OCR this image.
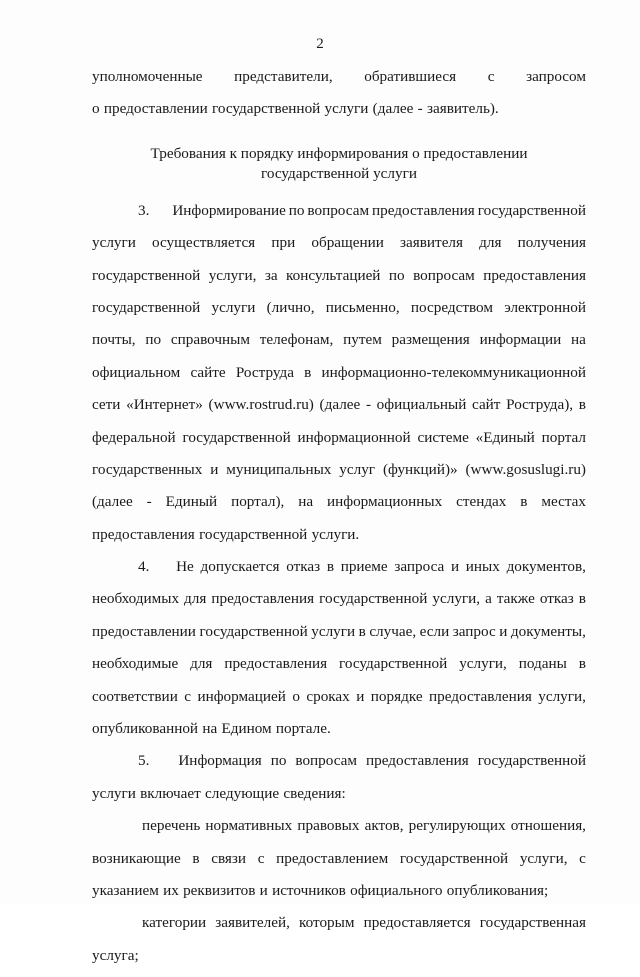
2
уполномоченные представители, обратившиеся с запросом
о предоставлении государственной услуги (далее - заявитель).
Требования к порядку информирования о предоставлении
государственной услуги
3. Информирование по вопросам предоставления государственной
услуги осуществляется при обращении заявителя для получения
государственной услуги, за консультацией по вопросам предоставления
государственной услуги (лично, письменно, посредством электронной
почты, по справочным телефонам, путем размещения информации на
официальном сайте Роструда в информационно-телекоммуникационной
сети «Интернет» (www.rostrud.ru) (далее - официальный сайт Роструда), в
федеральной государственной информационной системе «Единый портал
государственных и муниципальных услуг (функций)» (www.gosuslugi.ru)
(далее - Единый портал), на информационных стендах в местах
предоставления государственной услуги.
4. Не допускается отказ в приеме запроса и иных документов,
необходимых для предоставления государственной услуги, а также отказ в
предоставлении государственной услуги в случае, если запрос и документы,
необходимые для предоставления государственной услуги, поданы в
соответствии с информацией о сроках и порядке предоставления услуги,
опубликованной на Едином портале.
5. Информация по вопросам предоставления государственной
услуги включает следующие сведения:
перечень нормативных правовых актов, регулирующих отношения,
возникающие в связи с предоставлением государственной услуги, с
указанием их реквизитов и источников официального опубликования;
категории заявителей, которым предоставляется государственная
услуга;
